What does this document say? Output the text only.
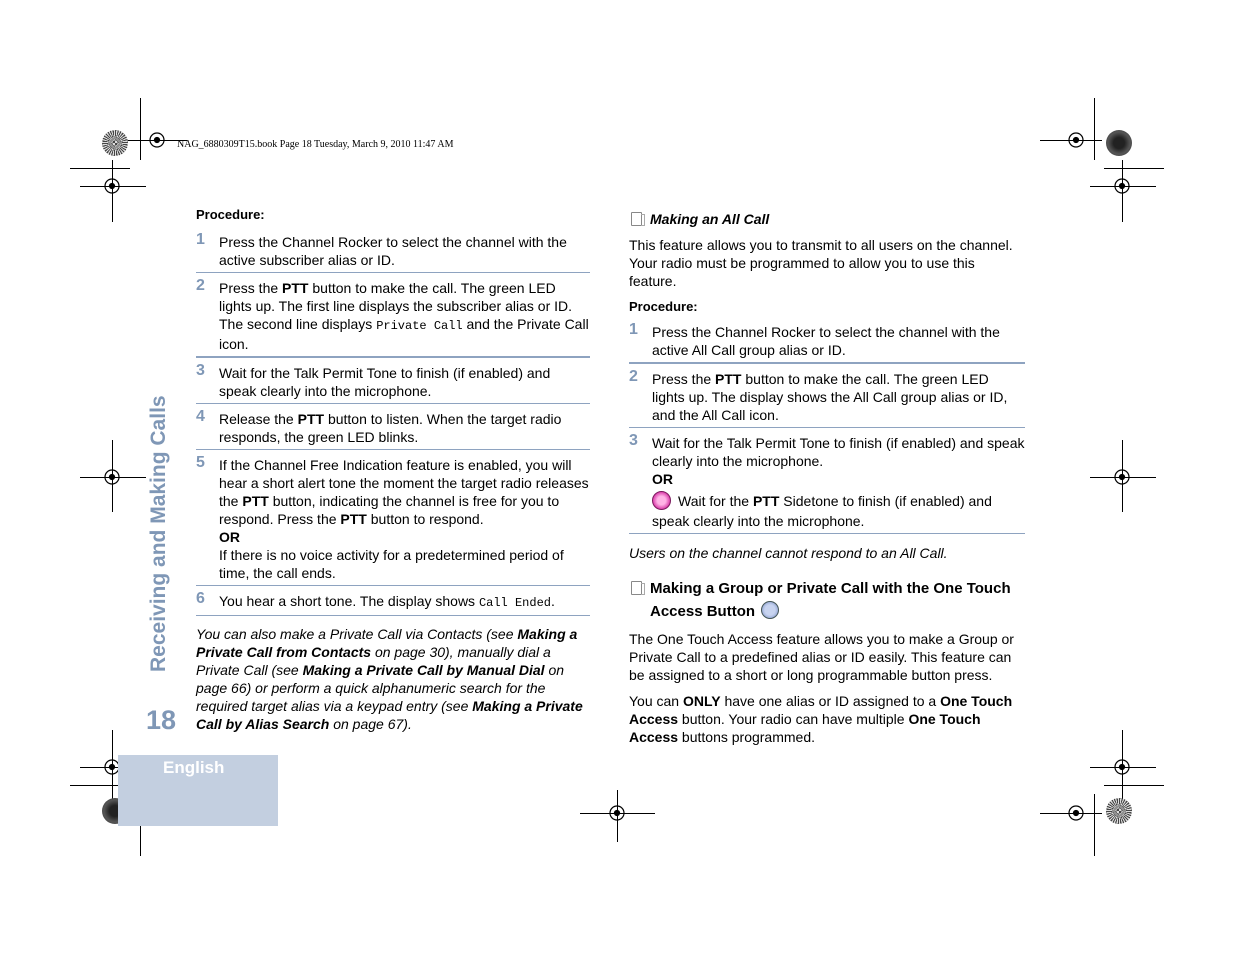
NAG_6880309T15.book Page 18 Tuesday, March 9, 2010 11:47 AM
Receiving and Making Calls
18
English

Procedure:

1 Press the Channel Rocker to select the channel with the active subscriber alias or ID.
2 Press the PTT button to make the call. The green LED lights up. The first line displays the subscriber alias or ID. The second line displays Private Call and the Private Call icon.
3 Wait for the Talk Permit Tone to finish (if enabled) and speak clearly into the microphone.
4 Release the PTT button to listen. When the target radio responds, the green LED blinks.
5 If the Channel Free Indication feature is enabled, you will hear a short alert tone the moment the target radio releases the PTT button, indicating the channel is free for you to respond. Press the PTT button to respond.
OR
If there is no voice activity for a predetermined period of time, the call ends.
6 You hear a short tone. The display shows Call Ended.

You can also make a Private Call via Contacts (see Making a Private Call from Contacts on page 30), manually dial a Private Call (see Making a Private Call by Manual Dial on page 66) or perform a quick alphanumeric search for the required target alias via a keypad entry (see Making a Private Call by Alias Search on page 67).

Making an All Call

This feature allows you to transmit to all users on the channel. Your radio must be programmed to allow you to use this feature.

Procedure:

1 Press the Channel Rocker to select the channel with the active All Call group alias or ID.
2 Press the PTT button to make the call. The green LED lights up. The display shows the All Call group alias or ID, and the All Call icon.
3 Wait for the Talk Permit Tone to finish (if enabled) and speak clearly into the microphone.
OR
Wait for the PTT Sidetone to finish (if enabled) and speak clearly into the microphone.

Users on the channel cannot respond to an All Call.

Making a Group or Private Call with the One Touch Access Button

The One Touch Access feature allows you to make a Group or Private Call to a predefined alias or ID easily. This feature can be assigned to a short or long programmable button press.

You can ONLY have one alias or ID assigned to a One Touch Access button. Your radio can have multiple One Touch Access buttons programmed.
